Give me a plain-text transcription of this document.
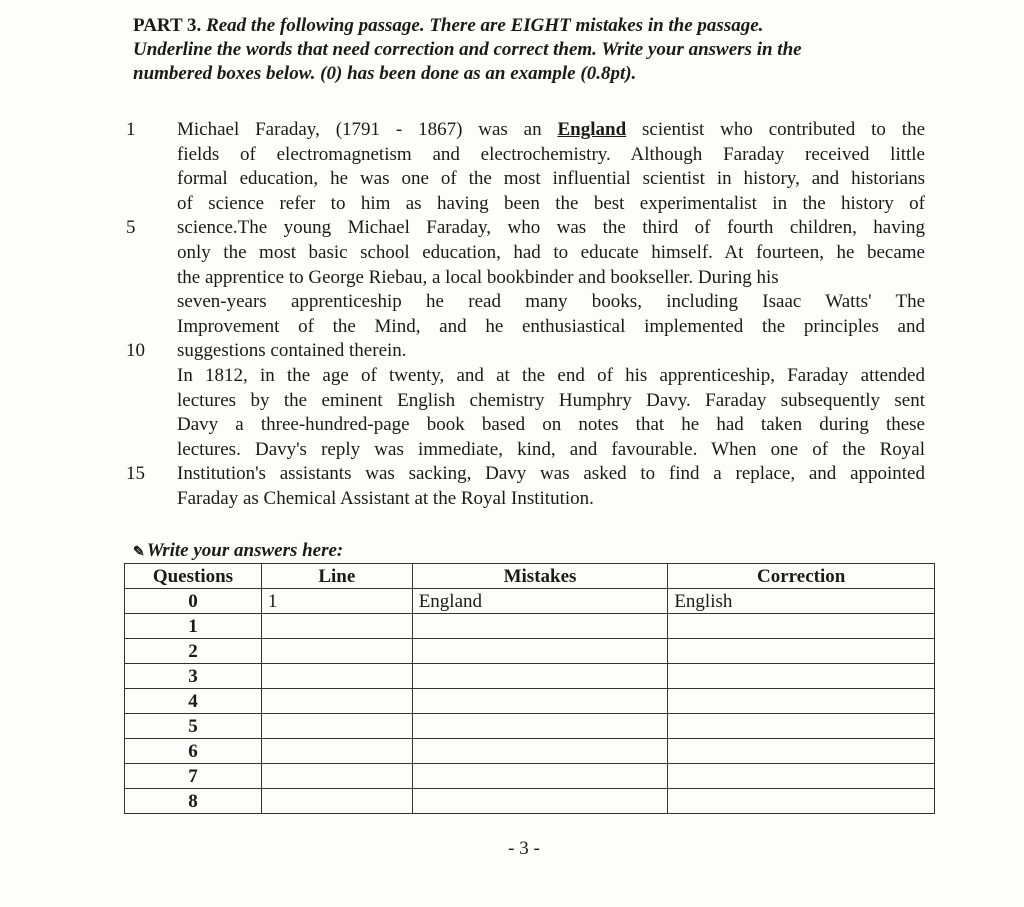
PART 3. Read the following passage. There are EIGHT mistakes in the passage.
Underline the words that need correction and correct them. Write your answers in the
numbered boxes below. (0) has been done as an example (0.8pt).
1	Michael Faraday, (1791 - 1867) was an England scientist who contributed to the
fields of electromagnetism and electrochemistry. Although Faraday received little
formal education, he was one of the most influential scientist in history, and historians
of science refer to him as having been the best experimentalist in the history of
5	science.The young Michael Faraday, who was the third of fourth children, having
only the most basic school education, had to educate himself. At fourteen, he became
the apprentice to George Riebau, a local bookbinder and bookseller. During his
seven-years apprenticeship he read many books, including Isaac Watts' The
Improvement of the Mind, and he enthusiastical implemented the principles and
10	suggestions contained therein.
In 1812, in the age of twenty, and at the end of his apprenticeship, Faraday attended
lectures by the eminent English chemistry Humphry Davy. Faraday subsequently sent
Davy a three-hundred-page book based on notes that he had taken during these
lectures. Davy's reply was immediate, kind, and favourable. When one of the Royal
15	Institution's assistants was sacking, Davy was asked to find a replace, and appointed
Faraday as Chemical Assistant at the Royal Institution.
✎ Write your answers here:
Questions	Line	Mistakes	Correction
0	1	England	English
1			
2			
3			
4			
5			
6			
7			
8			
- 3 -
